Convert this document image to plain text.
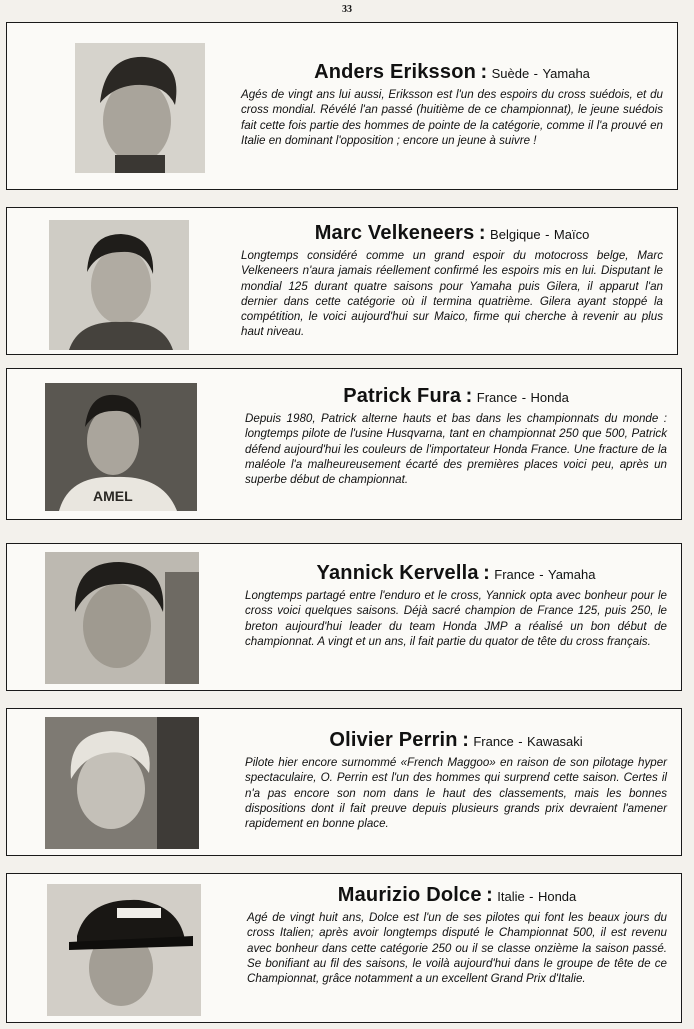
33
Anders Eriksson : Suède - Yamaha

Agés de vingt ans lui aussi, Eriksson est l'un des espoirs du cross suédois, et du cross mondial. Révélé l'an passé (huitième de ce championnat), le jeune suédois fait cette fois partie des hommes de pointe de la catégorie, comme il l'a prouvé en Italie en dominant l'opposition ; encore un jeune à suivre !

Marc Velkeneers : Belgique - Maïco

Longtemps considéré comme un grand espoir du motocross belge, Marc Velkeneers n'aura jamais réellement confirmé les espoirs mis en lui. Disputant le mondial 125 durant quatre saisons pour Yamaha puis Gilera, il apparut l'an dernier dans cette catégorie où il termina quatrième. Gilera ayant stoppé la compétition, le voici aujourd'hui sur Maico, firme qui cherche à revenir au plus haut niveau.

AMEL
Patrick Fura : France - Honda

Depuis 1980, Patrick alterne hauts et bas dans les championnats du monde : longtemps pilote de l'usine Husqvarna, tant en championnat 250 que 500, Patrick défend aujourd'hui les couleurs de l'importateur Honda France. Une fracture de la maléole l'a malheureusement écarté des premières places voici peu, après un superbe début de championnat.

Yannick Kervella : France - Yamaha

Longtemps partagé entre l'enduro et le cross, Yannick opta avec bonheur pour le cross voici quelques saisons. Déjà sacré champion de France 125, puis 250, le breton aujourd'hui leader du team Honda JMP a réalisé un bon début de championnat. A vingt et un ans, il fait partie du quator de tête du cross français.

Olivier Perrin : France - Kawasaki

Pilote hier encore surnommé «French Maggoo» en raison de son pilotage hyper spectaculaire, O. Perrin est l'un des hommes qui surprend cette saison. Certes il n'a pas encore son nom dans le haut des classements, mais les bonnes dispositions dont il fait preuve depuis plusieurs grands prix devraient l'amener rapidement en bonne place.

Maurizio Dolce : Italie - Honda

Agé de vingt huit ans, Dolce est l'un de ses pilotes qui font les beaux jours du cross Italien; après avoir longtemps disputé le Championnat 500, il est revenu avec bonheur dans cette catégorie 250 ou il se classe onzième la saison passé. Se bonifiant au fil des saisons, le voilà aujourd'hui dans le groupe de tête de ce Championnat, grâce notamment a un excellent Grand Prix d'Italie.
